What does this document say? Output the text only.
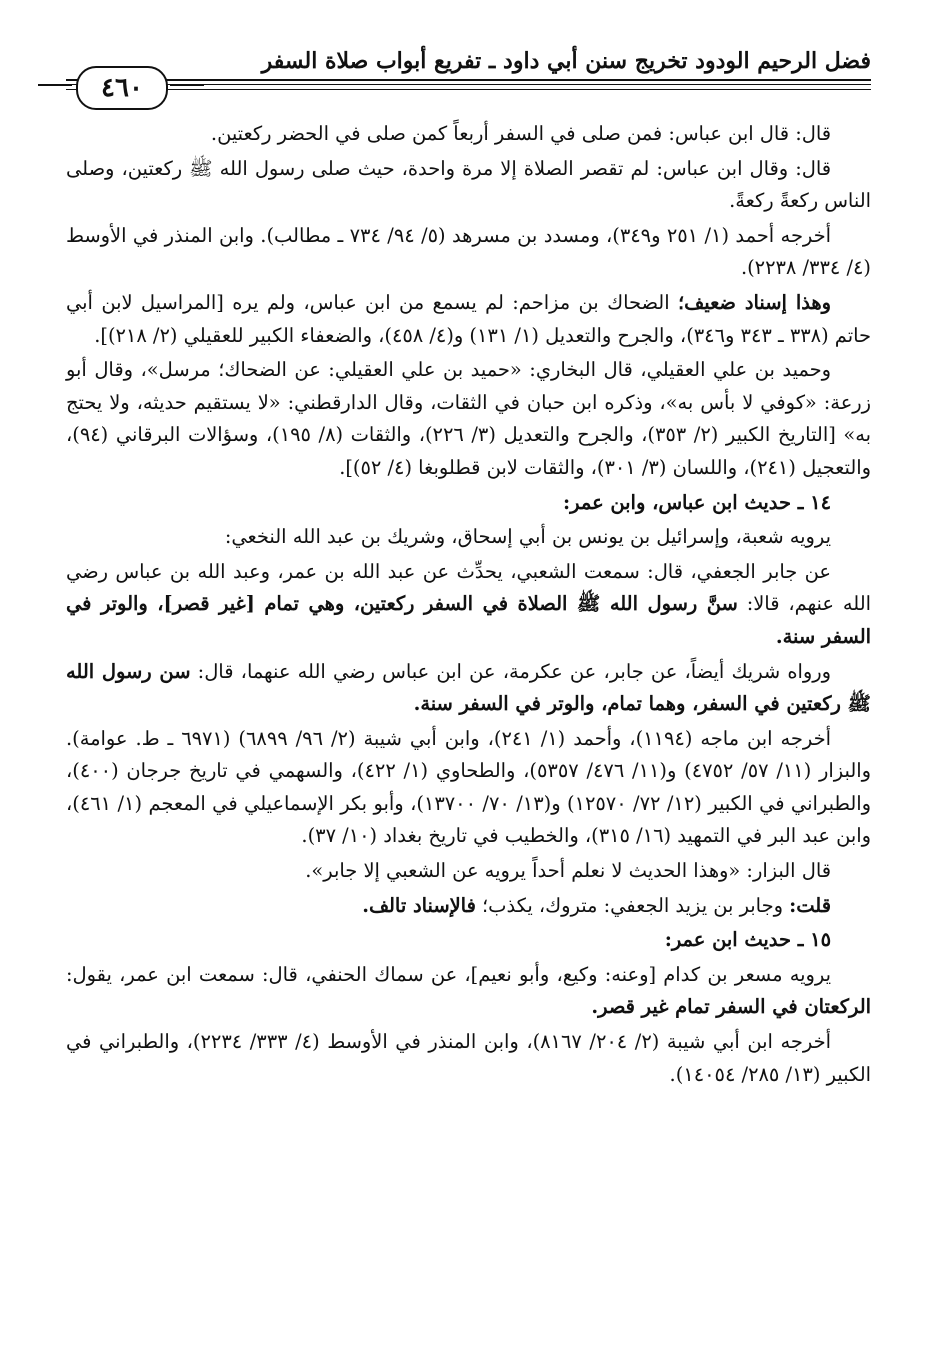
فضل الرحيم الودود تخريج سنن أبي داود ـ تفريع أبواب صلاة السفر
٤٦٠

قال: قال ابن عباس: فمن صلى في السفر أربعاً كمن صلى في الحضر ركعتين.

قال: وقال ابن عباس: لم تقصر الصلاة إلا مرة واحدة، حيث صلى رسول الله ﷺ ركعتين، وصلى الناس ركعةً ركعةً.

أخرجه أحمد (١/ ٢٥١ و٣٤٩)، ومسدد بن مسرهد (٥/ ٩٤/ ٧٣٤ ـ مطالب). وابن المنذر في الأوسط (٤/ ٣٣٤/ ٢٢٣٨).

وهذا إسناد ضعيف؛ الضحاك بن مزاحم: لم يسمع من ابن عباس، ولم يره [المراسيل لابن أبي حاتم (٣٣٨ ـ ٣٤٣ و٣٤٦)، والجرح والتعديل (١/ ١٣١) و(٤/ ٤٥٨)، والضعفاء الكبير للعقيلي (٢/ ٢١٨)].

وحميد بن علي العقيلي، قال البخاري: «حميد بن علي العقيلي: عن الضحاك؛ مرسل»، وقال أبو زرعة: «كوفي لا بأس به»، وذكره ابن حبان في الثقات، وقال الدارقطني: «لا يستقيم حديثه، ولا يحتج به» [التاريخ الكبير (٢/ ٣٥٣)، والجرح والتعديل (٣/ ٢٢٦)، والثقات (٨/ ١٩٥)، وسؤالات البرقاني (٩٤)، والتعجيل (٢٤١)، واللسان (٣/ ٣٠١)، والثقات لابن قطلوبغا (٤/ ٥٢)].

١٤ ـ حديث ابن عباس، وابن عمر:

يرويه شعبة، وإسرائيل بن يونس بن أبي إسحاق، وشريك بن عبد الله النخعي:

عن جابر الجعفي، قال: سمعت الشعبي، يحدِّث عن عبد الله بن عمر، وعبد الله بن عباس رضي الله عنهم، قالا: سنَّ رسول الله ﷺ الصلاة في السفر ركعتين، وهي تمام [غير قصر]، والوتر في السفر سنة.

ورواه شريك أيضاً، عن جابر، عن عكرمة، عن ابن عباس رضي الله عنهما، قال: سن رسول الله ﷺ ركعتين في السفر، وهما تمام، والوتر في السفر سنة.

أخرجه ابن ماجه (١١٩٤)، وأحمد (١/ ٢٤١)، وابن أبي شيبة (٢/ ٩٦/ ٦٨٩٩) (٦٩٧١ ـ ط. عوامة). والبزار (١١/ ٥٧/ ٤٧٥٢) و(١١/ ٤٧٦/ ٥٣٥٧)، والطحاوي (١/ ٤٢٢)، والسهمي في تاريخ جرجان (٤٠٠)، والطبراني في الكبير (١٢/ ٧٢/ ١٢٥٧٠) و(١٣/ ٧٠/ ١٣٧٠٠)، وأبو بكر الإسماعيلي في المعجم (١/ ٤٦١)، وابن عبد البر في التمهيد (١٦/ ٣١٥)، والخطيب في تاريخ بغداد (١٠/ ٣٧).

قال البزار: «وهذا الحديث لا نعلم أحداً يرويه عن الشعبي إلا جابر».

قلت: وجابر بن يزيد الجعفي: متروك، يكذب؛ فالإسناد تالف.

١٥ ـ حديث ابن عمر:

يرويه مسعر بن كدام [وعنه: وكيع، وأبو نعيم]، عن سماك الحنفي، قال: سمعت ابن عمر، يقول: الركعتان في السفر تمام غير قصر.

أخرجه ابن أبي شيبة (٢/ ٢٠٤/ ٨١٦٧)، وابن المنذر في الأوسط (٤/ ٣٣٣/ ٢٢٣٤)، والطبراني في الكبير (١٣/ ٢٨٥/ ١٤٠٥٤).
